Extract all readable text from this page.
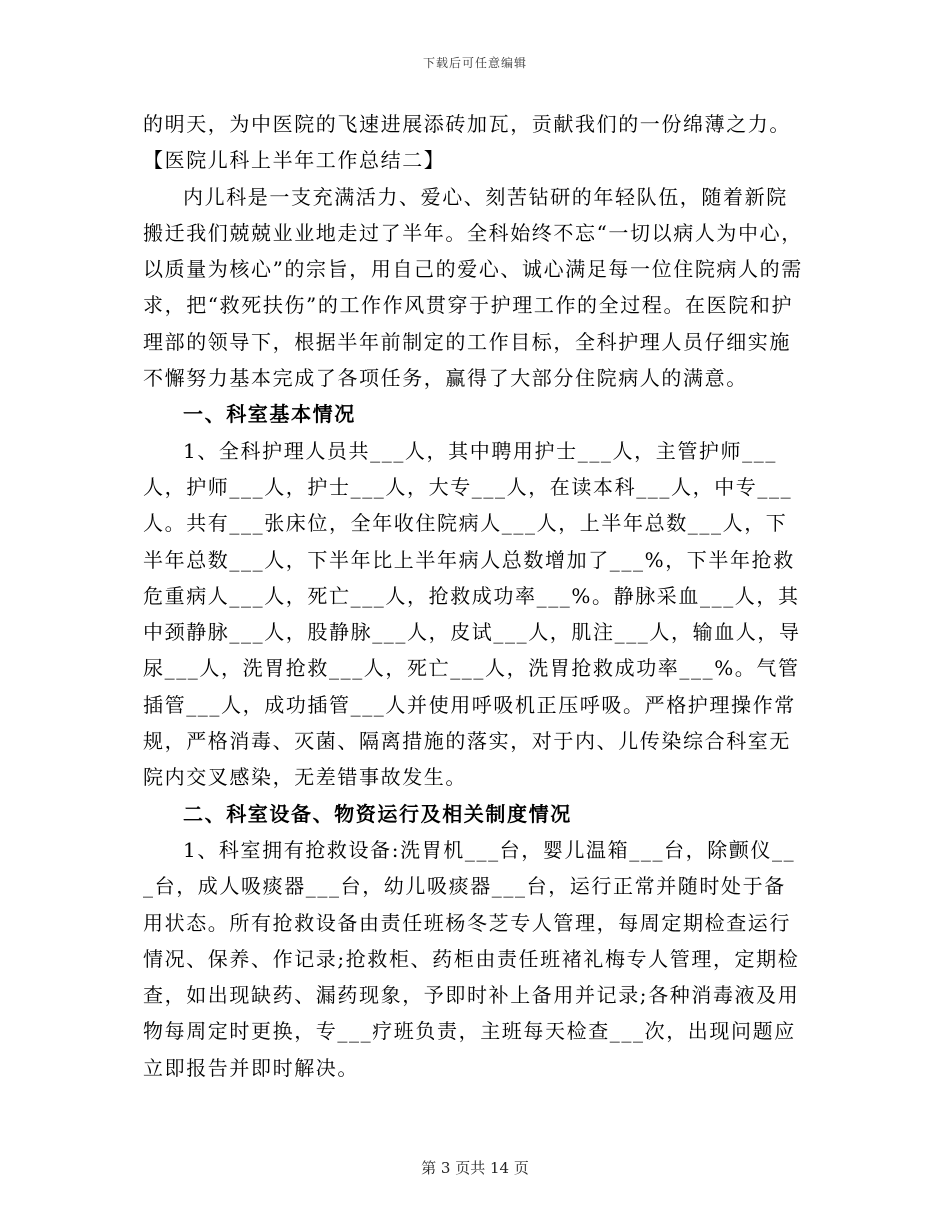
下载后可任意编辑

的明天，为中医院的飞速进展添砖加瓦，贡献我们的一份绵薄之力。

【医院儿科上半年工作总结二】

内儿科是一支充满活力、爱心、刻苦钻研的年轻队伍，随着新院搬迁我们兢兢业业地走过了半年。全科始终不忘“一切以病人为中心，以质量为核心”的宗旨，用自己的爱心、诚心满足每一位住院病人的需求，把“救死扶伤”的工作作风贯穿于护理工作的全过程。在医院和护理部的领导下，根据半年前制定的工作目标，全科护理人员仔细实施不懈努力基本完成了各项任务，赢得了大部分住院病人的满意。

一、科室基本情况

1、全科护理人员共___人，其中聘用护士___人，主管护师___人，护师___人，护士___人，大专___人，在读本科___人，中专___人。共有___张床位，全年收住院病人___人，上半年总数___人，下半年总数___人，下半年比上半年病人总数增加了___%，下半年抢救危重病人___人，死亡___人，抢救成功率___%。静脉采血___人，其中颈静脉___人，股静脉___人，皮试___人，肌注___人，输血人，导尿___人，洗胃抢救___人，死亡___人，洗胃抢救成功率___%。气管插管___人，成功插管___人并使用呼吸机正压呼吸。严格护理操作常规，严格消毒、灭菌、隔离措施的落实，对于内、儿传染综合科室无院内交叉感染，无差错事故发生。

二、科室设备、物资运行及相关制度情况

1、科室拥有抢救设备:洗胃机___台，婴儿温箱___台，除颤仪___台，成人吸痰器___台，幼儿吸痰器___台，运行正常并随时处于备用状态。所有抢救设备由责任班杨冬芝专人管理，每周定期检查运行情况、保养、作记录;抢救柜、药柜由责任班褚礼梅专人管理，定期检查，如出现缺药、漏药现象，予即时补上备用并记录;各种消毒液及用物每周定时更换，专___疗班负责，主班每天检查___次，出现问题应立即报告并即时解决。

第 3 页共 14 页
